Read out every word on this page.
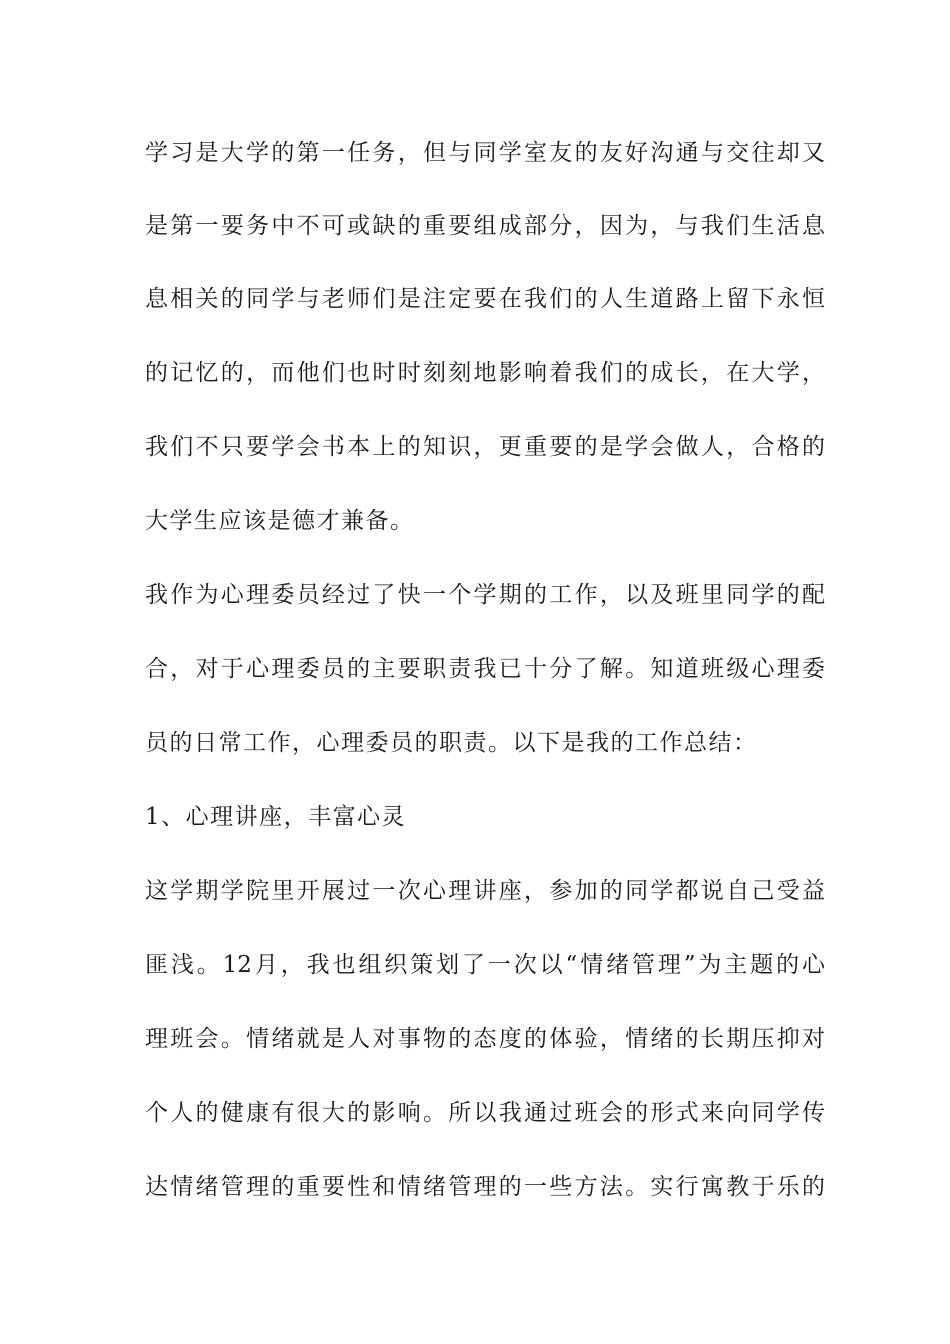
学习是大学的第一任务，但与同学室友的友好沟通与交往却又
是第一要务中不可或缺的重要组成部分，因为，与我们生活息
息相关的同学与老师们是注定要在我们的人生道路上留下永恒
的记忆的，而他们也时时刻刻地影响着我们的成长，在大学，
我们不只要学会书本上的知识，更重要的是学会做人，合格的
大学生应该是德才兼备。
我作为心理委员经过了快一个学期的工作，以及班里同学的配
合，对于心理委员的主要职责我已十分了解。知道班级心理委
员的日常工作，心理委员的职责。以下是我的工作总结：
1、心理讲座，丰富心灵
这学期学院里开展过一次心理讲座，参加的同学都说自己受益
匪浅。12月，我也组织策划了一次以“情绪管理”为主题的心
理班会。情绪就是人对事物的态度的体验，情绪的长期压抑对
个人的健康有很大的影响。所以我通过班会的形式来向同学传
达情绪管理的重要性和情绪管理的一些方法。实行寓教于乐的
